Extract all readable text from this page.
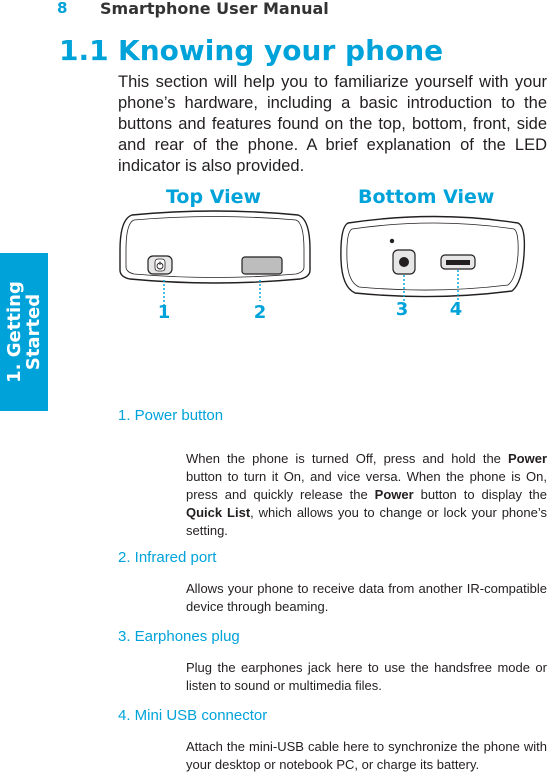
8 Smartphone User Manual
1. Getting
Started
1.1 Knowing your phone

This section will help you to familiarize yourself with your phone’s hardware, including a basic introduction to the buttons and features found on the top, bottom, front, side and rear of the phone. A brief explanation of the LED indicator is also provided.

Top View	Bottom View
1	2	3 4
1. Power button

When the phone is turned Off, press and hold the Power button to turn it On, and vice versa. When the phone is On, press and quickly release the Power button to display the Quick List, which allows you to change or lock your phone’s setting.

2. Infrared port

Allows your phone to receive data from another IR-compatible device through beaming.

3. Earphones plug

Plug the earphones jack here to use the handsfree mode or listen to sound or multimedia files.

4. Mini USB connector

Attach the mini-USB cable here to synchronize the phone with your desktop or notebook PC, or charge its battery.
